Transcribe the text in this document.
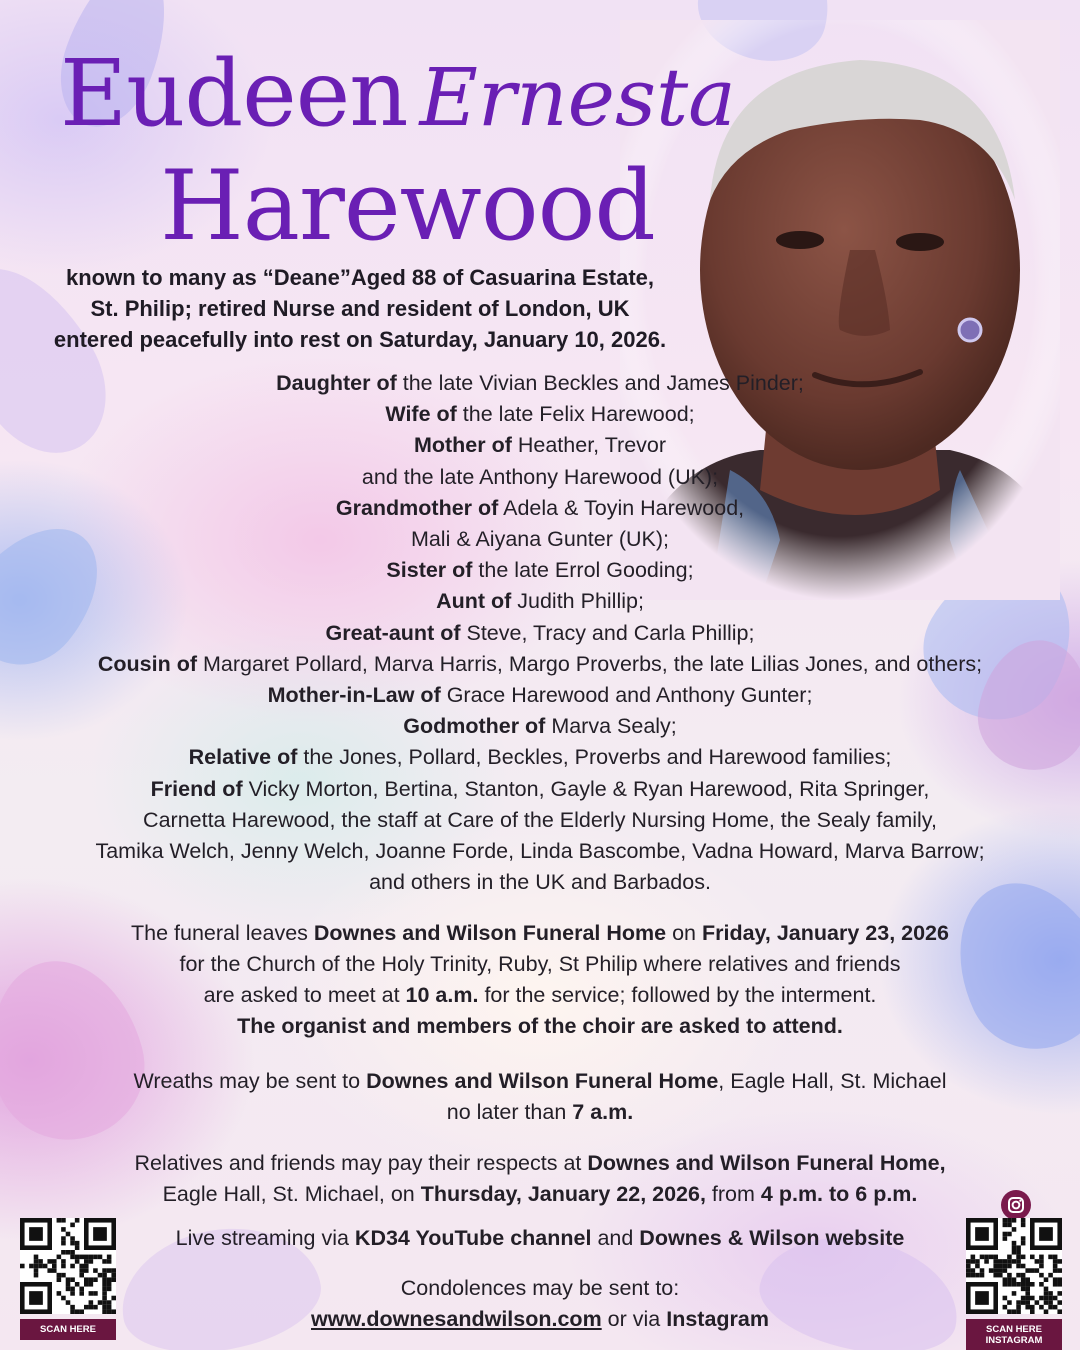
Eudeen Ernesta
Harewood
known to many as “Deane”Aged 88 of Casuarina Estate,
St. Philip; retired Nurse and resident of London, UK
entered peacefully into rest on Saturday, January 10, 2026.
Daughter of the late Vivian Beckles and James Pinder;
Wife of the late Felix Harewood;
Mother of Heather, Trevor
and the late Anthony Harewood (UK);
Grandmother of Adela & Toyin Harewood,
Mali & Aiyana Gunter (UK);
Sister of the late Errol Gooding;
Aunt of Judith Phillip;
Great-aunt of Steve, Tracy and Carla Phillip;
Cousin of Margaret Pollard, Marva Harris, Margo Proverbs, the late Lilias Jones, and others;
Mother-in-Law of Grace Harewood and Anthony Gunter;
Godmother of Marva Sealy;
Relative of the Jones, Pollard, Beckles, Proverbs and Harewood families;
Friend of Vicky Morton, Bertina, Stanton, Gayle & Ryan Harewood, Rita Springer,
Carnetta Harewood, the staff at Care of the Elderly Nursing Home, the Sealy family,
Tamika Welch, Jenny Welch, Joanne Forde, Linda Bascombe, Vadna Howard, Marva Barrow;
and others in the UK and Barbados.
The funeral leaves Downes and Wilson Funeral Home on Friday, January 23, 2026
for the Church of the Holy Trinity, Ruby, St Philip where relatives and friends
are asked to meet at 10 a.m. for the service; followed by the interment.
The organist and members of the choir are asked to attend.
Wreaths may be sent to Downes and Wilson Funeral Home, Eagle Hall, St. Michael
no later than 7 a.m.
Relatives and friends may pay their respects at Downes and Wilson Funeral Home,
Eagle Hall, St. Michael, on Thursday, January 22, 2026, from 4 p.m. to 6 p.m.
Live streaming via KD34 YouTube channel and Downes & Wilson website
Condolences may be sent to:
www.downesandwilson.com or via Instagram
SCAN HERE	SCAN HERE
INSTAGRAM
